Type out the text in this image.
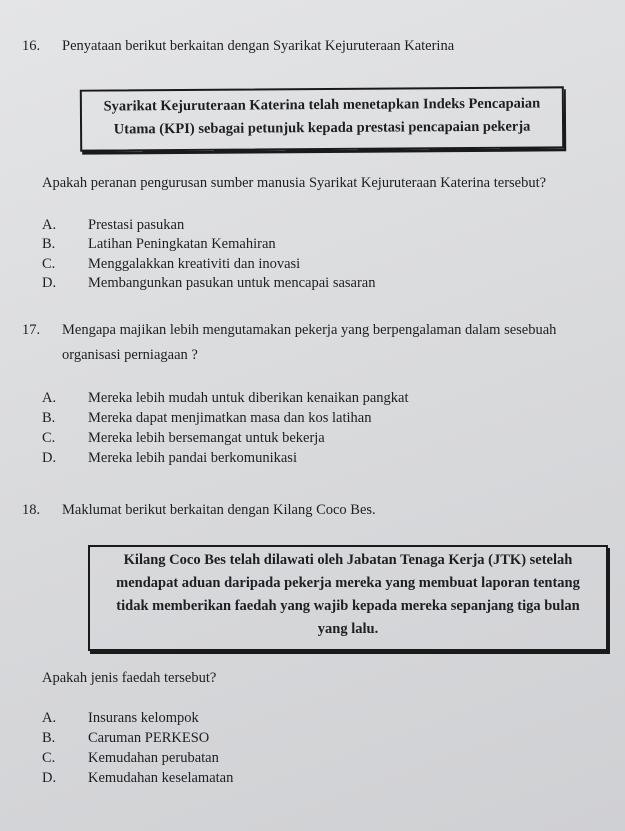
16. Penyataan berikut berkaitan dengan Syarikat Kejuruteraan Katerina
Syarikat Kejuruteraan Katerina telah menetapkan Indeks Pencapaian
Utama (KPI) sebagai petunjuk kepada prestasi pencapaian pekerja
Apakah peranan pengurusan sumber manusia Syarikat Kejuruteraan Katerina tersebut?
A. Prestasi pasukan
B. Latihan Peningkatan Kemahiran
C. Menggalakkan kreativiti dan inovasi
D. Membangunkan pasukan untuk mencapai sasaran
17. Mengapa majikan lebih mengutamakan pekerja yang berpengalaman dalam sesebuah
organisasi perniagaan ?
A. Mereka lebih mudah untuk diberikan kenaikan pangkat
B. Mereka dapat menjimatkan masa dan kos latihan
C. Mereka lebih bersemangat untuk bekerja
D. Mereka lebih pandai berkomunikasi
18. Maklumat berikut berkaitan dengan Kilang Coco Bes.
Kilang Coco Bes telah dilawati oleh Jabatan Tenaga Kerja (JTK) setelah
mendapat aduan daripada pekerja mereka yang membuat laporan tentang
tidak memberikan faedah yang wajib kepada mereka sepanjang tiga bulan
yang lalu.
Apakah jenis faedah tersebut?
A. Insurans kelompok
B. Caruman PERKESO
C. Kemudahan perubatan
D. Kemudahan keselamatan
